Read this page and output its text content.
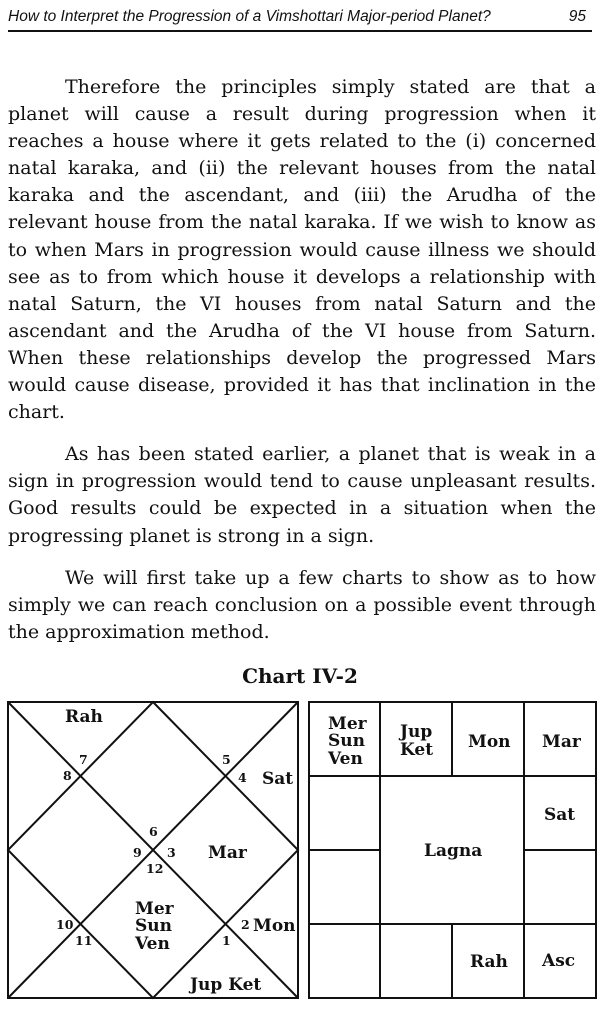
How to Interpret the Progression of a Vimshottari Major-period Planet?	95

Therefore the principles simply stated are that a planet will cause a result during progression when it reaches a house where it gets related to the (i) concerned natal karaka, and (ii) the relevant houses from the natal karaka and the ascendant, and (iii) the Arudha of the relevant house from the natal karaka. If we wish to know as to when Mars in progression would cause illness we should see as to from which house it develops a relationship with natal Saturn, the VI houses from natal Saturn and the ascendant and the Arudha of the VI house from Saturn. When these relationships develop the progressed Mars would cause disease, provided it has that inclination in the chart.

As has been stated earlier, a planet that is weak in a sign in progression would tend to cause unpleasant results. Good results could be expected in a situation when the progressing planet is strong in a sign.

We will first take up a few charts to show as to how simply we can reach conclusion on a possible event through the approximation method.

Chart IV-2
Rah
Sat
Mar
Mer
Sun
Ven
Mon
Jup Ket
7
8
5
4
6
9 3
12
10
11
2
1
Mer
Sun
Ven
Jup
Ket Mon Mar
Sat
Lagna
Rah Asc
